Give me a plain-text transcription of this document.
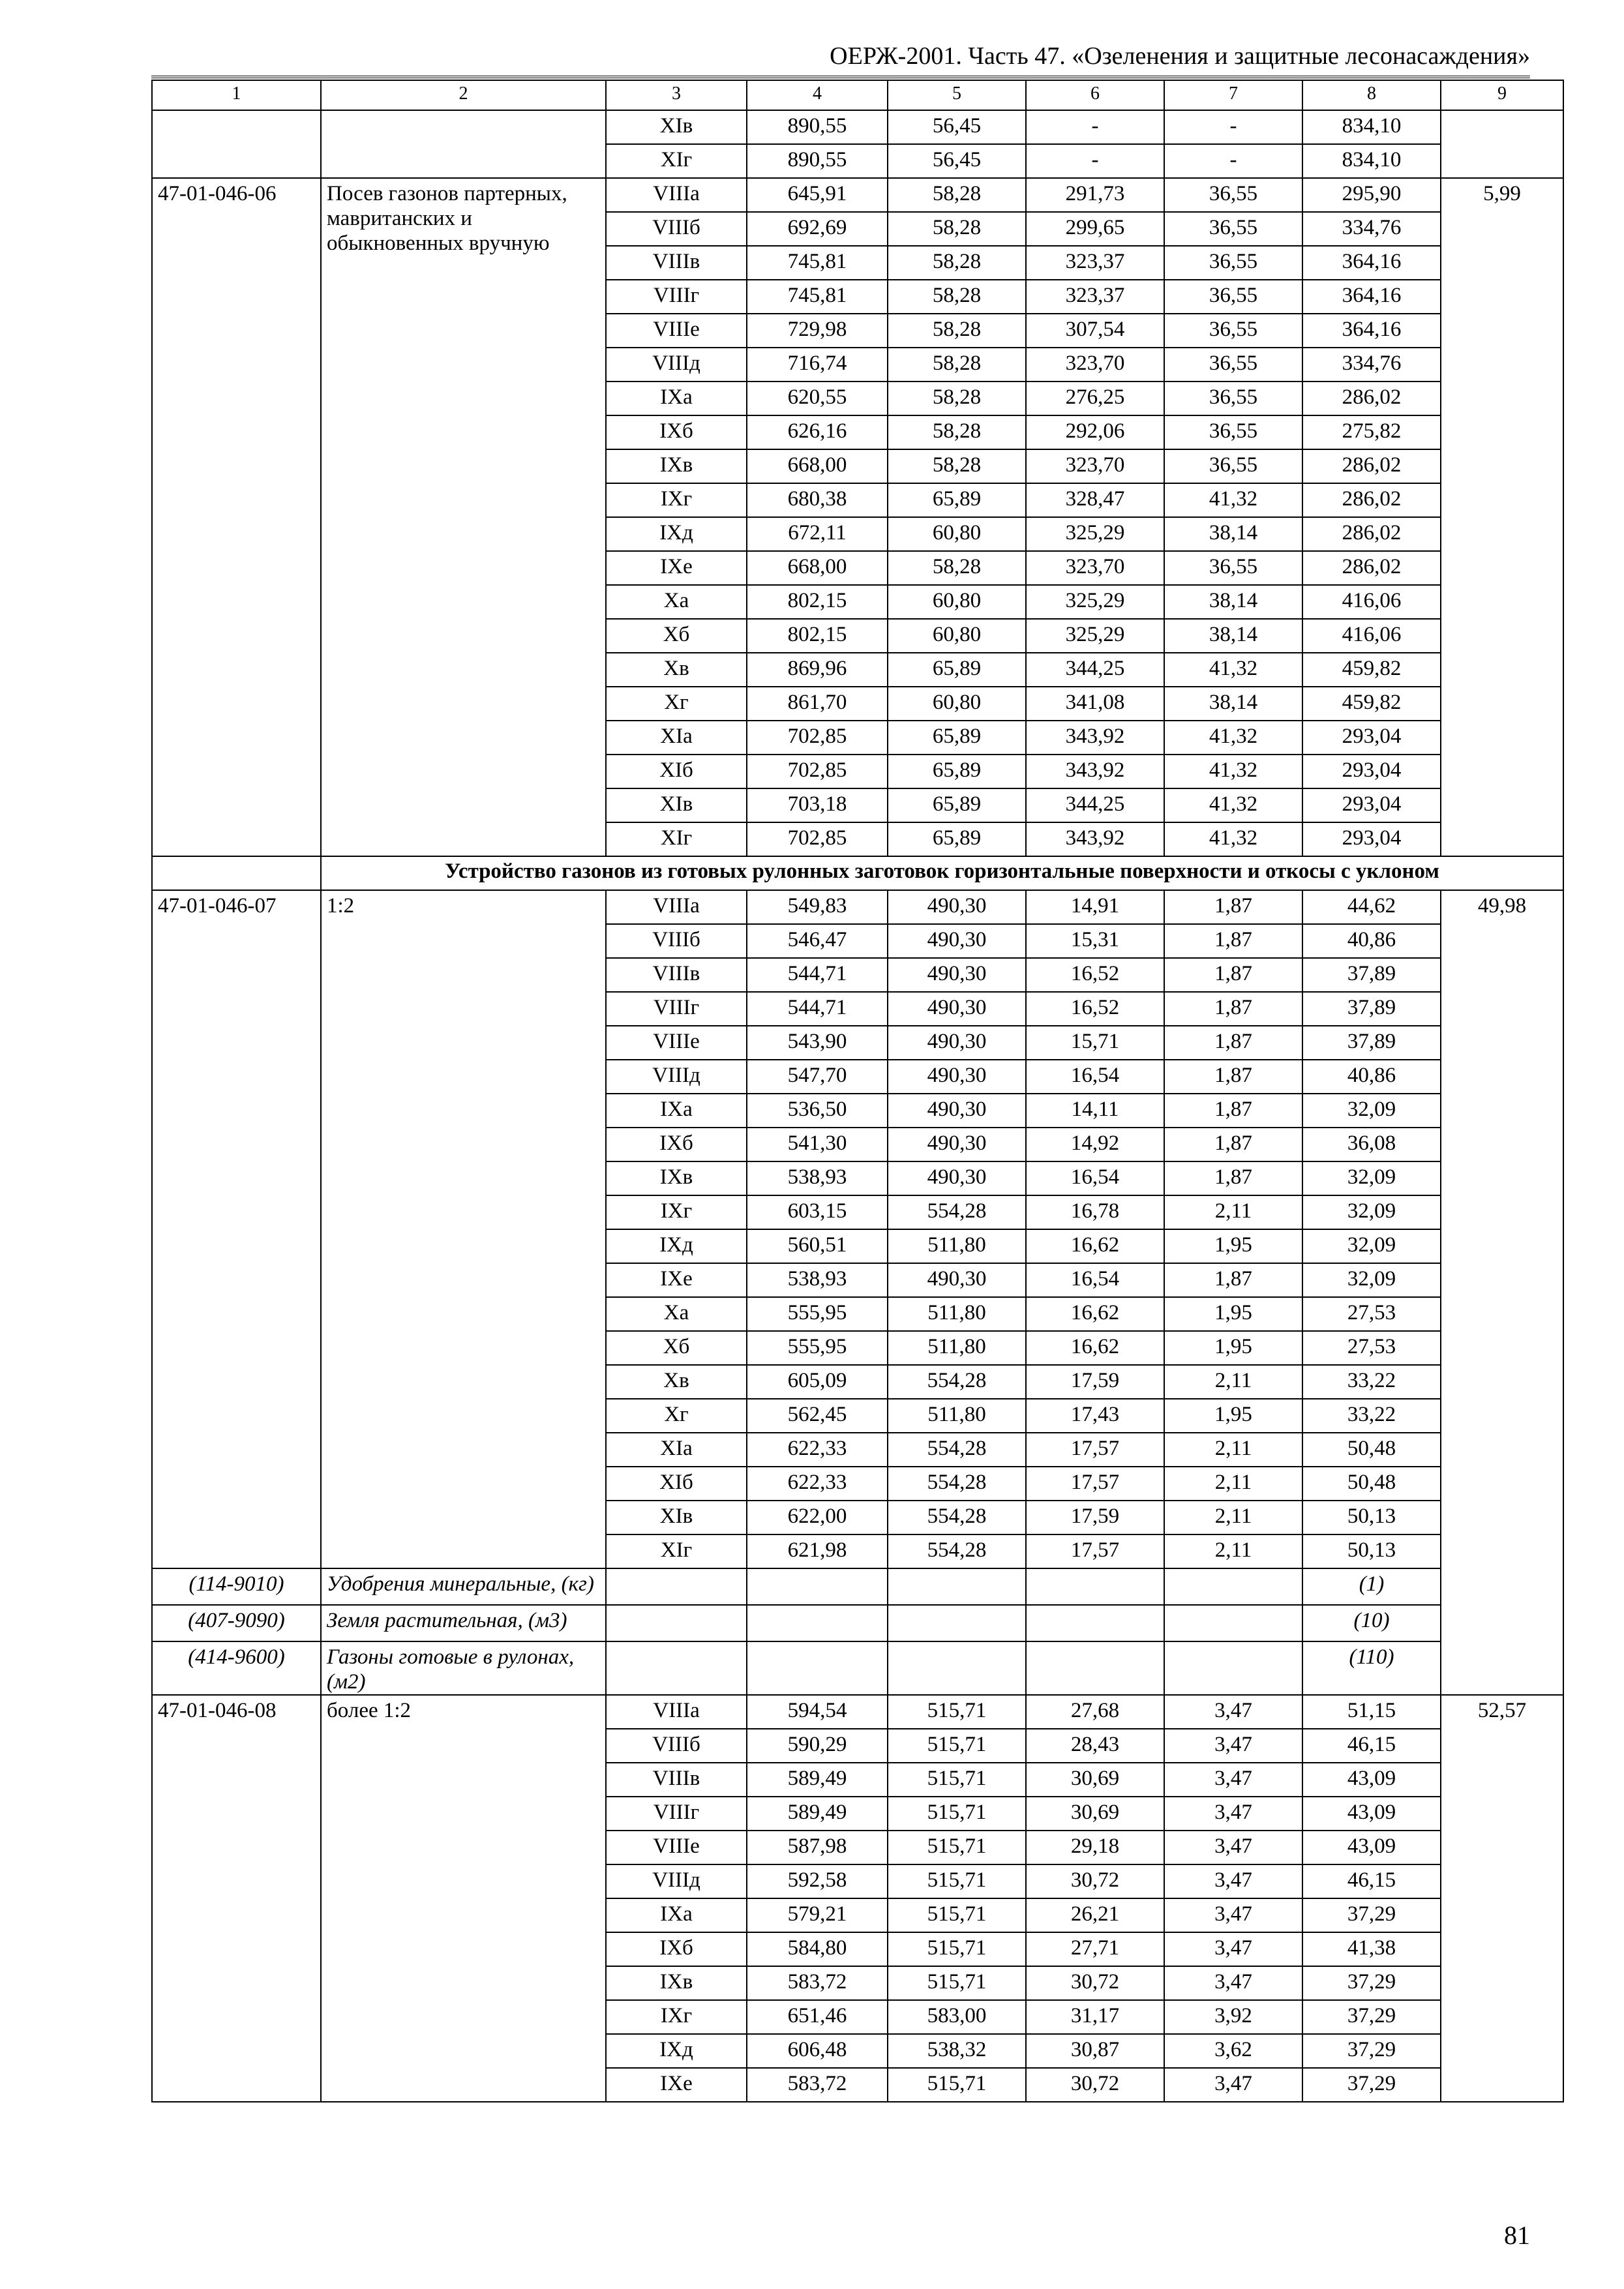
ОЕРЖ-2001. Часть 47. «Озеленения и защитные лесонасаждения»
1	2	3	4	5	6	7	8	9
		XIв	890,55	56,45	-	-	834,10	
		XIг	890,55	56,45	-	-	834,10	
47-01-046-06	Посев газонов партерных, мавританских и обыкновенных вручную	VIIIа	645,91	58,28	291,73	36,55	295,90	5,99
		VIIIб	692,69	58,28	299,65	36,55	334,76	
		VIIIв	745,81	58,28	323,37	36,55	364,16	
		VIIIг	745,81	58,28	323,37	36,55	364,16	
		VIIIе	729,98	58,28	307,54	36,55	364,16	
		VIIIд	716,74	58,28	323,70	36,55	334,76	
		IXа	620,55	58,28	276,25	36,55	286,02	
		IXб	626,16	58,28	292,06	36,55	275,82	
		IXв	668,00	58,28	323,70	36,55	286,02	
		IXг	680,38	65,89	328,47	41,32	286,02	
		IXд	672,11	60,80	325,29	38,14	286,02	
		IXе	668,00	58,28	323,70	36,55	286,02	
		Xа	802,15	60,80	325,29	38,14	416,06	
		Xб	802,15	60,80	325,29	38,14	416,06	
		Xв	869,96	65,89	344,25	41,32	459,82	
		Xг	861,70	60,80	341,08	38,14	459,82	
		XIа	702,85	65,89	343,92	41,32	293,04	
		XIб	702,85	65,89	343,92	41,32	293,04	
		XIв	703,18	65,89	344,25	41,32	293,04	
		XIг	702,85	65,89	343,92	41,32	293,04	
	Устройство газонов из готовых рулонных заготовок горизонтальные поверхности и откосы с уклоном							
47-01-046-07	1:2	VIIIа	549,83	490,30	14,91	1,87	44,62	49,98
		VIIIб	546,47	490,30	15,31	1,87	40,86	
		VIIIв	544,71	490,30	16,52	1,87	37,89	
		VIIIг	544,71	490,30	16,52	1,87	37,89	
		VIIIе	543,90	490,30	15,71	1,87	37,89	
		VIIIд	547,70	490,30	16,54	1,87	40,86	
		IXа	536,50	490,30	14,11	1,87	32,09	
		IXб	541,30	490,30	14,92	1,87	36,08	
		IXв	538,93	490,30	16,54	1,87	32,09	
		IXг	603,15	554,28	16,78	2,11	32,09	
		IXд	560,51	511,80	16,62	1,95	32,09	
		IXе	538,93	490,30	16,54	1,87	32,09	
		Xа	555,95	511,80	16,62	1,95	27,53	
		Xб	555,95	511,80	16,62	1,95	27,53	
		Xв	605,09	554,28	17,59	2,11	33,22	
		Xг	562,45	511,80	17,43	1,95	33,22	
		XIа	622,33	554,28	17,57	2,11	50,48	
		XIб	622,33	554,28	17,57	2,11	50,48	
		XIв	622,00	554,28	17,59	2,11	50,13	
		XIг	621,98	554,28	17,57	2,11	50,13	
(114-9010)	Удобрения минеральные, (кг)						(1)	
(407-9090)	Земля растительная, (м3)						(10)	
(414-9600)	Газоны готовые в рулонах, (м2)						(110)	
47-01-046-08	более 1:2	VIIIа	594,54	515,71	27,68	3,47	51,15	52,57
		VIIIб	590,29	515,71	28,43	3,47	46,15	
		VIIIв	589,49	515,71	30,69	3,47	43,09	
		VIIIг	589,49	515,71	30,69	3,47	43,09	
		VIIIе	587,98	515,71	29,18	3,47	43,09	
		VIIIд	592,58	515,71	30,72	3,47	46,15	
		IXа	579,21	515,71	26,21	3,47	37,29	
		IXб	584,80	515,71	27,71	3,47	41,38	
		IXв	583,72	515,71	30,72	3,47	37,29	
		IXг	651,46	583,00	31,17	3,92	37,29	
		IXд	606,48	538,32	30,87	3,62	37,29	
		IXе	583,72	515,71	30,72	3,47	37,29	
81
